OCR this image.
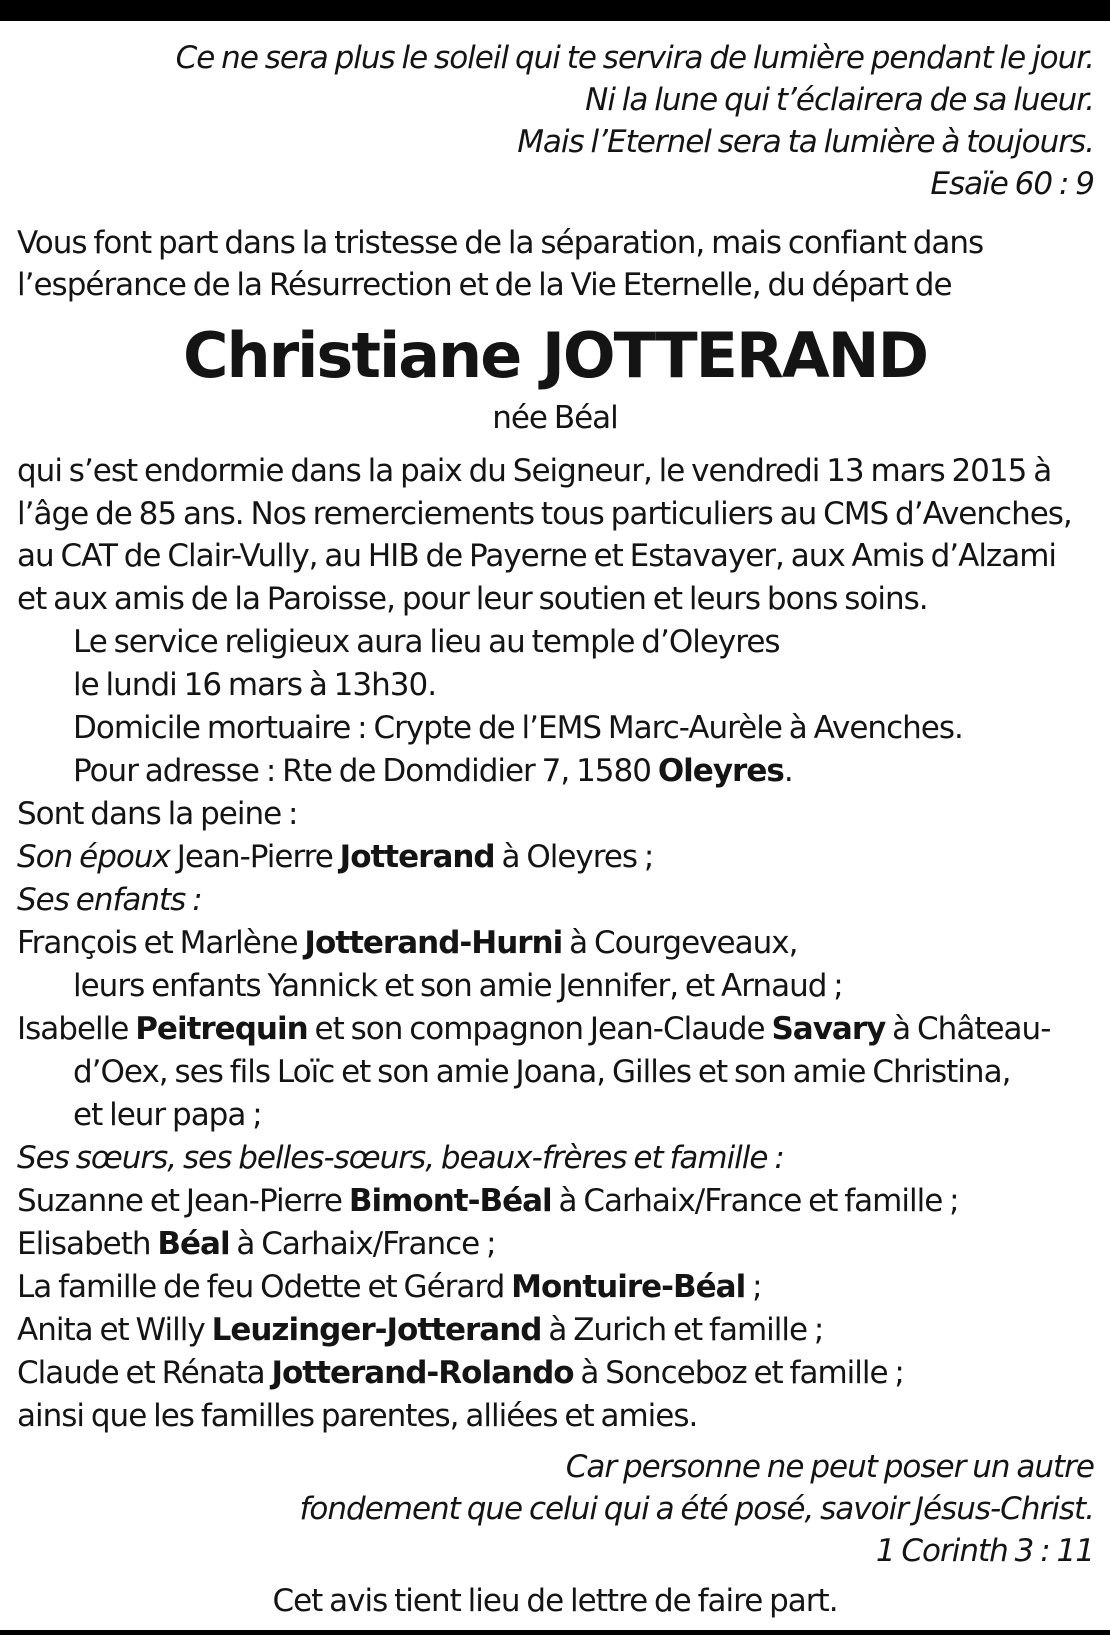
Ce ne sera plus le soleil qui te servira de lumière pendant le jour.
Ni la lune qui t’éclairera de sa lueur.
Mais l’Eternel sera ta lumière à toujours.
Esaïe 60 : 9
Vous font part dans la tristesse de la séparation, mais confiant dans
l’espérance de la Résurrection et de la Vie Eternelle, du départ de
Christiane JOTTERAND
née Béal
qui s’est endormie dans la paix du Seigneur, le vendredi 13 mars 2015 à
l’âge de 85 ans. Nos remerciements tous particuliers au CMS d’Avenches,
au CAT de Clair-Vully, au HIB de Payerne et Estavayer, aux Amis d’Alzami
et aux amis de la Paroisse, pour leur soutien et leurs bons soins.
Le service religieux aura lieu au temple d’Oleyres
le lundi 16 mars à 13h30.
Domicile mortuaire : Crypte de l’EMS Marc-Aurèle à Avenches.
Pour adresse : Rte de Domdidier 7, 1580 Oleyres.
Sont dans la peine :
Son époux Jean-Pierre Jotterand à Oleyres ;
Ses enfants :
François et Marlène Jotterand-Hurni à Courgeveaux,
leurs enfants Yannick et son amie Jennifer, et Arnaud ;
Isabelle Peitrequin et son compagnon Jean-Claude Savary à Château-
d’Oex, ses fils Loïc et son amie Joana, Gilles et son amie Christina,
et leur papa ;
Ses sœurs, ses belles-sœurs, beaux-frères et famille :
Suzanne et Jean-Pierre Bimont-Béal à Carhaix/France et famille ;
Elisabeth Béal à Carhaix/France ;
La famille de feu Odette et Gérard Montuire-Béal ;
Anita et Willy Leuzinger-Jotterand à Zurich et famille ;
Claude et Rénata Jotterand-Rolando à Sonceboz et famille ;
ainsi que les familles parentes, alliées et amies.
Car personne ne peut poser un autre
fondement que celui qui a été posé, savoir Jésus-Christ.
1 Corinth 3 : 11
Cet avis tient lieu de lettre de faire part.
